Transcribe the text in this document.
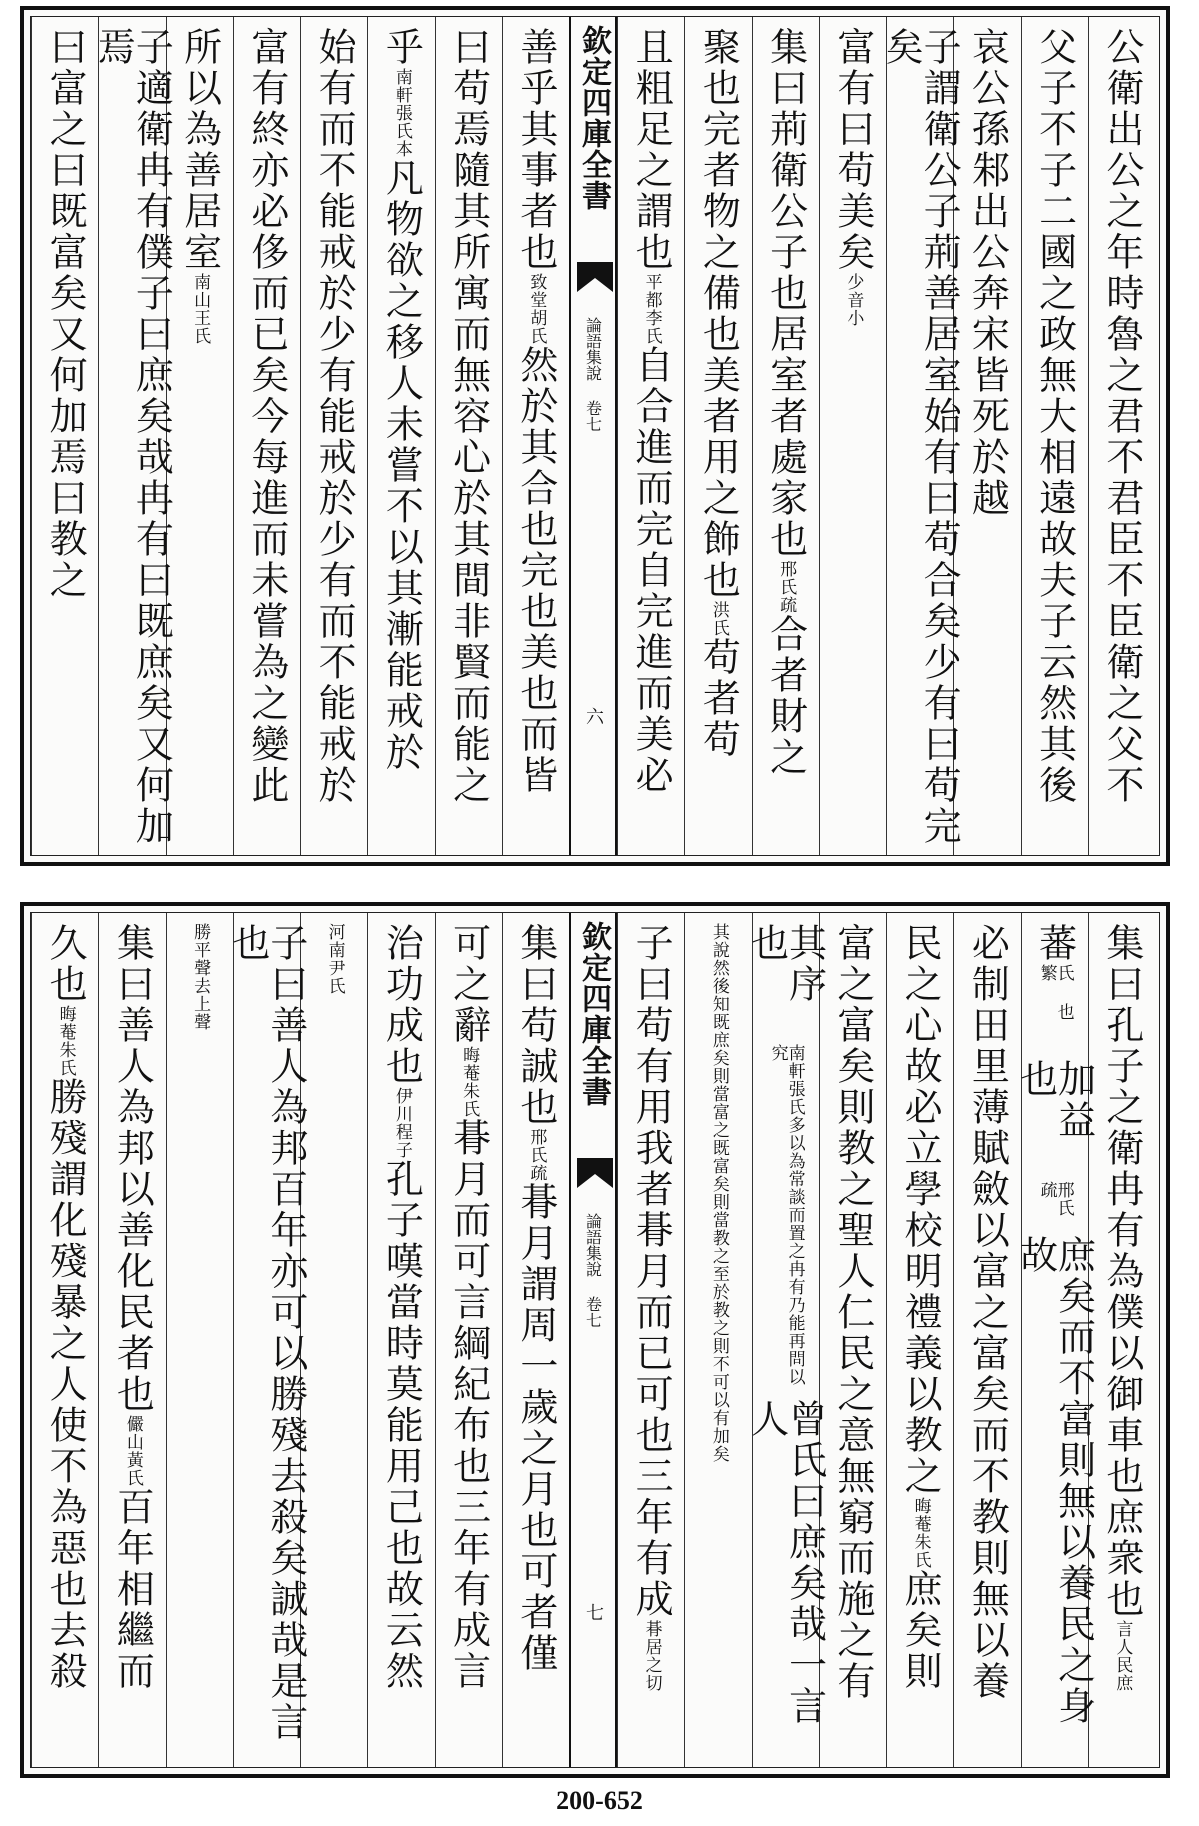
公衛出公之年時魯之君不君臣不臣衛之父不
父子不子二國之政無大相遠故夫子云然其後
哀公孫邾出公奔宋皆死於越
子謂衛公子荊善居室始有曰苟合矣少有曰苟完矣
富有曰苟美矣
少音小
集曰荊衛公子也居室者處家也
邢氏疏
合者財之
聚也完者物之備也美者用之飾也
洪氏
苟者苟
且粗足之謂也
平都李氏
自合進而完自完進而美必
欽定四庫全書
論語集說 卷七
六
善乎其事者也
致堂胡氏
然於其合也完也美也而皆
曰苟焉隨其所寓而無容心於其間非賢而能之
乎
南軒張氏本
凡物欲之移人未嘗不以其漸能戒於
始有而不能戒於少有能戒於少有而不能戒於
富有終亦必侈而已矣今每進而未嘗為之變此
所以為善居室
南山王氏
子適衛冉有僕子曰庶矣哉冉有曰既庶矣又何加焉
曰富之曰既富矣又何加焉曰教之
集曰孔子之衛冉有為僕以御車也庶衆也
言人民庶
蕃
氏 也 繁
加益也
邢氏疏
庶矣而不富則無以養民之身故
必制田里薄賦斂以富之富矣而不教則無以養
民之心故必立學校明禮義以教之
晦菴朱氏
庶矣則
富之富矣則教之聖人仁民之意無窮而施之有
其序也
南軒張氏多以為常談而置之冉有乃能再問以究
曾氏曰庶矣哉一言人
其說然後知既庶矣則當富之既富矣則當教之至於教之則不可以有加矣
子曰苟有用我者朞月而已可也三年有成
朞居之切
欽定四庫全書
論語集說 卷七
七
集曰苟誠也
邢氏疏
朞月謂周一歲之月也可者僅
可之辭
晦菴朱氏
朞月而可言綱紀布也三年有成言
治功成也
伊川程子
孔子嘆當時莫能用己也故云然
河南尹氏
子曰善人為邦百年亦可以勝殘去殺矣誠哉是言也
勝平聲去上聲
集曰善人為邦以善化民者也
儼山黃氏
百年相繼而
久也
晦菴朱氏
勝殘謂化殘暴之人使不為惡也去殺
200-652
